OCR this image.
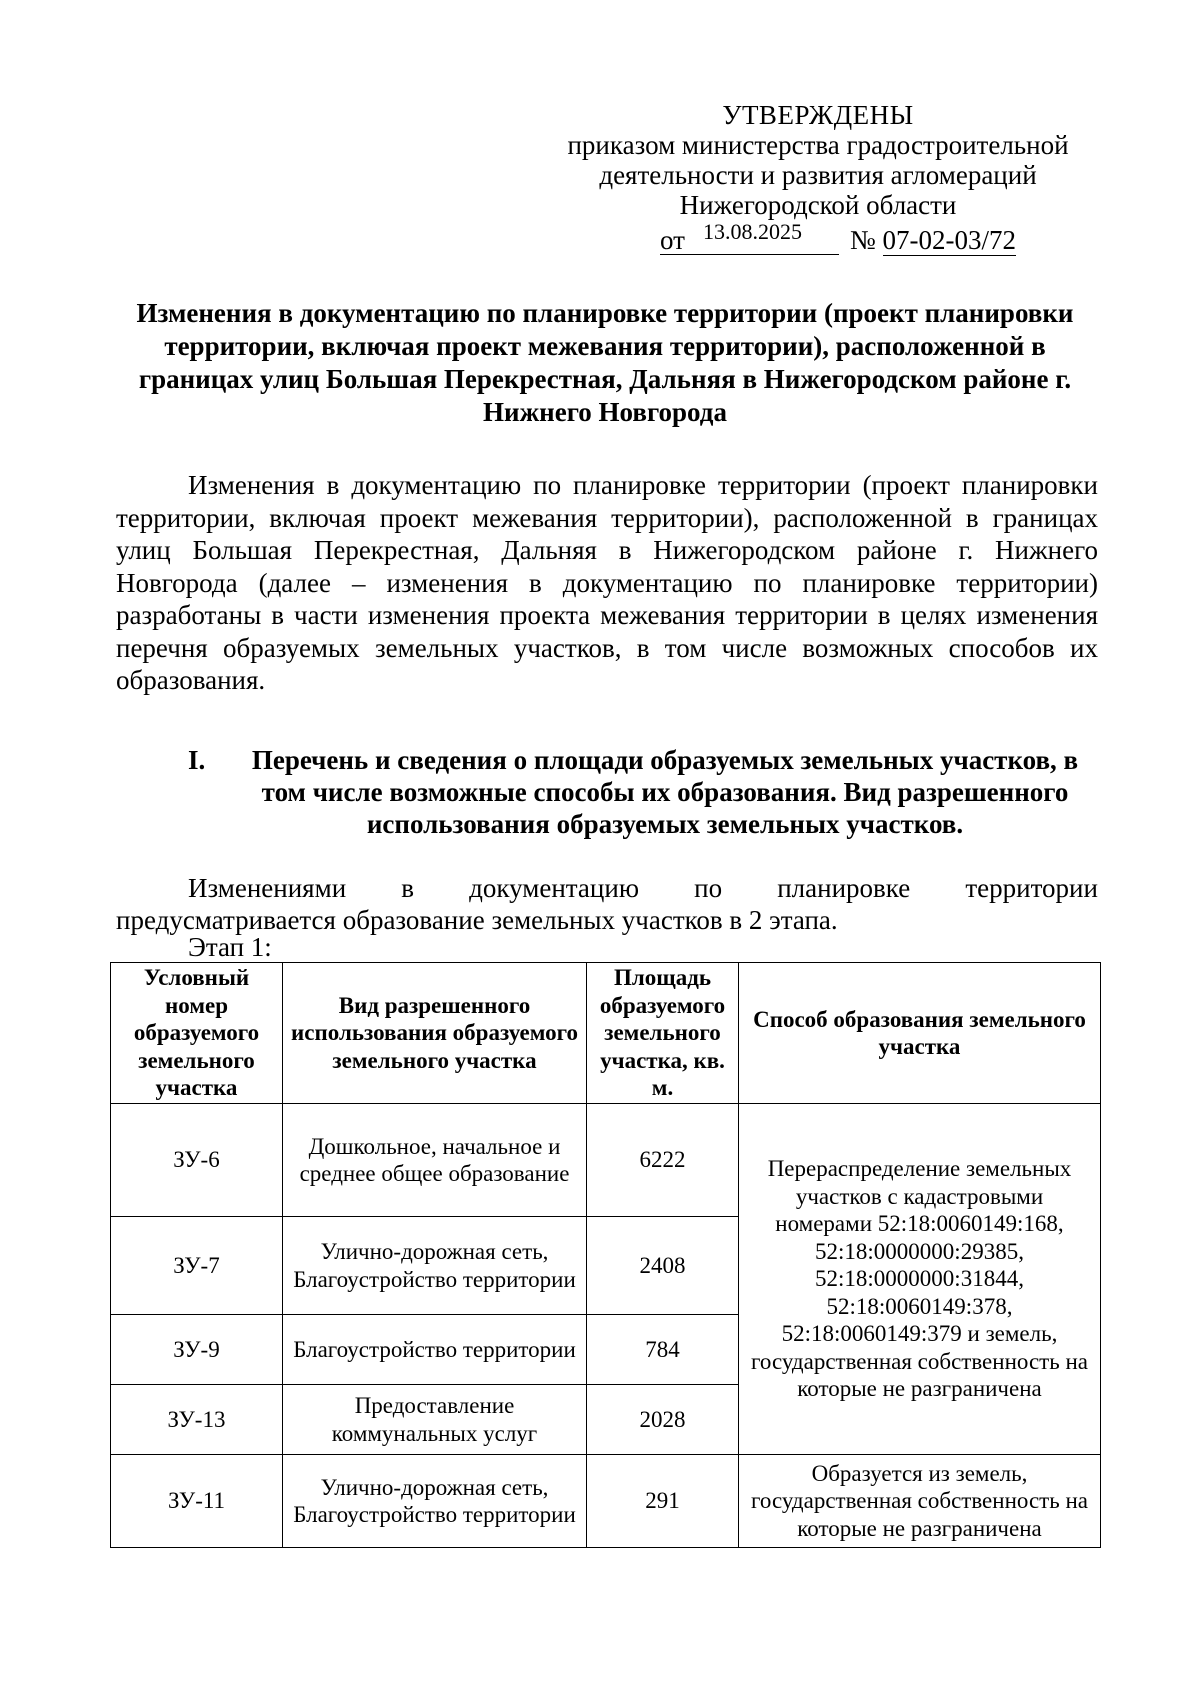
УТВЕРЖДЕНЫ
приказом министерства градостроительной
деятельности и развития агломераций
Нижегородской области
от 13.08.2025 № 07-02-03/72
Изменения в документацию по планировке территории (проект планировки территории, включая проект межевания территории), расположенной в границах улиц Большая Перекрестная, Дальняя в Нижегородском районе г. Нижнего Новгорода
Изменения в документацию по планировке территории (проект планировки территории, включая проект межевания территории), расположенной в границах улиц Большая Перекрестная, Дальняя в Нижегородском районе г. Нижнего Новгорода (далее – изменения в документацию по планировке территории) разработаны в части изменения проекта межевания территории в целях изменения перечня образуемых земельных участков, в том числе возможных способов их образования.
I.	Перечень и сведения о площади образуемых земельных участков, в том числе возможные способы их образования. Вид разрешенного использования образуемых земельных участков.
Изменениями в документацию по планировке территории
предусматривается образование земельных участков в 2 этапа.
Этап 1:
Условный номер образуемого земельного участка	Вид разрешенного использования образуемого земельного участка	Площадь образуемого земельного участка, кв. м.	Способ образования земельного участка
ЗУ-6	Дошкольное, начальное и среднее общее образование	6222	Перераспределение земельных участков с кадастровыми номерами 52:18:0060149:168, 52:18:0000000:29385, 52:18:0000000:31844, 52:18:0060149:378, 52:18:0060149:379 и земель, государственная собственность на которые не разграничена
ЗУ-7	Улично-дорожная сеть, Благоустройство территории	2408	
ЗУ-9	Благоустройство территории	784	
ЗУ-13	Предоставление коммунальных услуг	2028	
ЗУ-11	Улично-дорожная сеть, Благоустройство территории	291	Образуется из земель, государственная собственность на которые не разграничена
